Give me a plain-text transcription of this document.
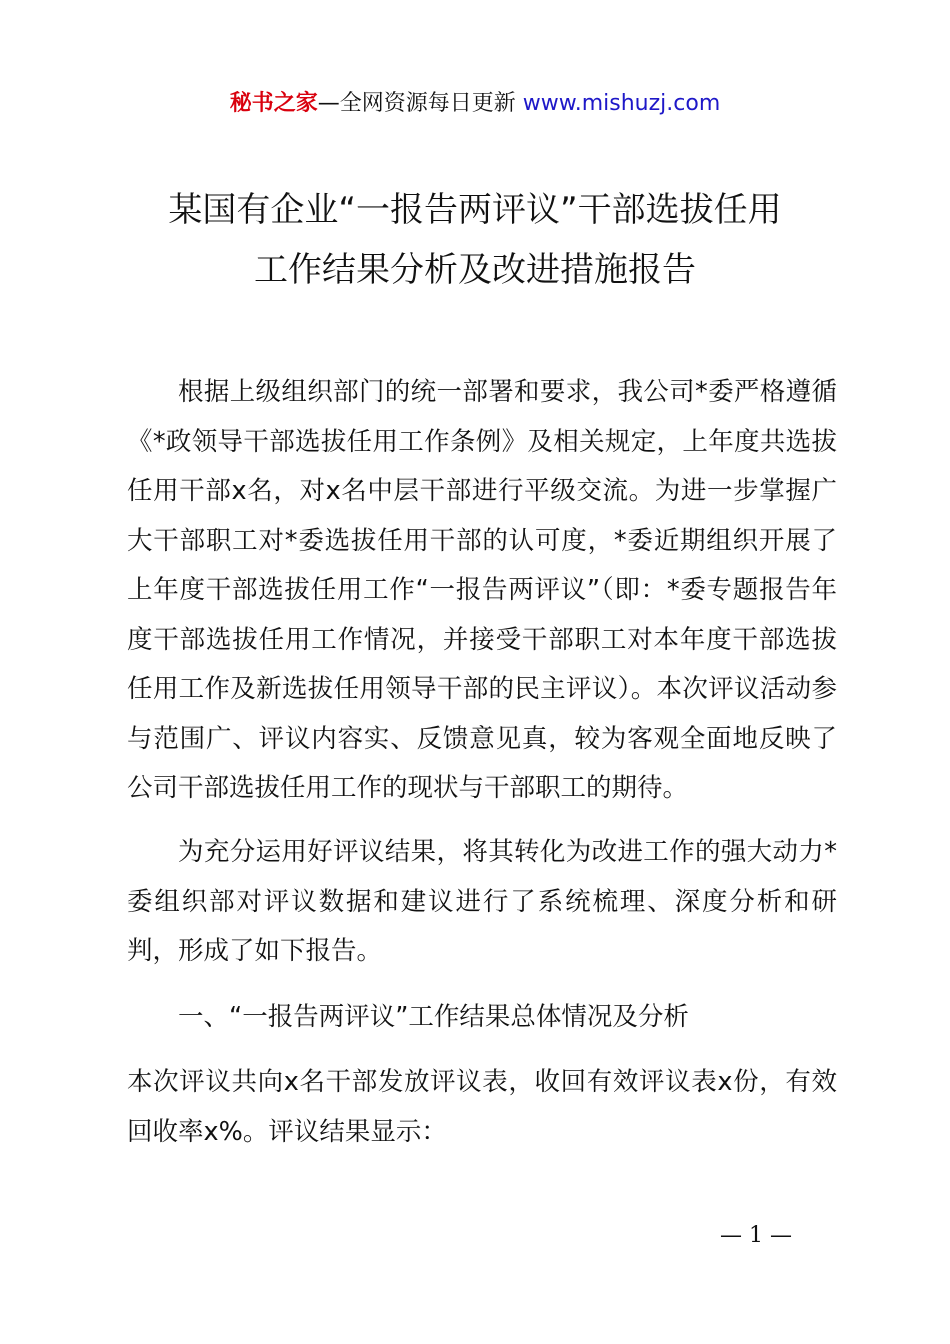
秘书之家—全网资源每日更新 www.mishuzj.com
某国有企业“一报告两评议”干部选拔任用
工作结果分析及改进措施报告
根据上级组织部门的统一部署和要求，我公司*委严格遵循《*政领导干部选拔任用工作条例》及相关规定，上年度共选拔任用干部x名，对x名中层干部进行平级交流。为进一步掌握广大干部职工对*委选拔任用干部的认可度，*委近期组织开展了上年度干部选拔任用工作“一报告两评议”（即：*委专题报告年度干部选拔任用工作情况，并接受干部职工对本年度干部选拔任用工作及新选拔任用领导干部的民主评议）。本次评议活动参与范围广、评议内容实、反馈意见真，较为客观全面地反映了公司干部选拔任用工作的现状与干部职工的期待。
为充分运用好评议结果，将其转化为改进工作的强大动力*委组织部对评议数据和建议进行了系统梳理、深度分析和研判，形成了如下报告。
一、“一报告两评议”工作结果总体情况及分析
本次评议共向x名干部发放评议表，收回有效评议表x份，有效回收率x%。评议结果显示：
— 1 —
